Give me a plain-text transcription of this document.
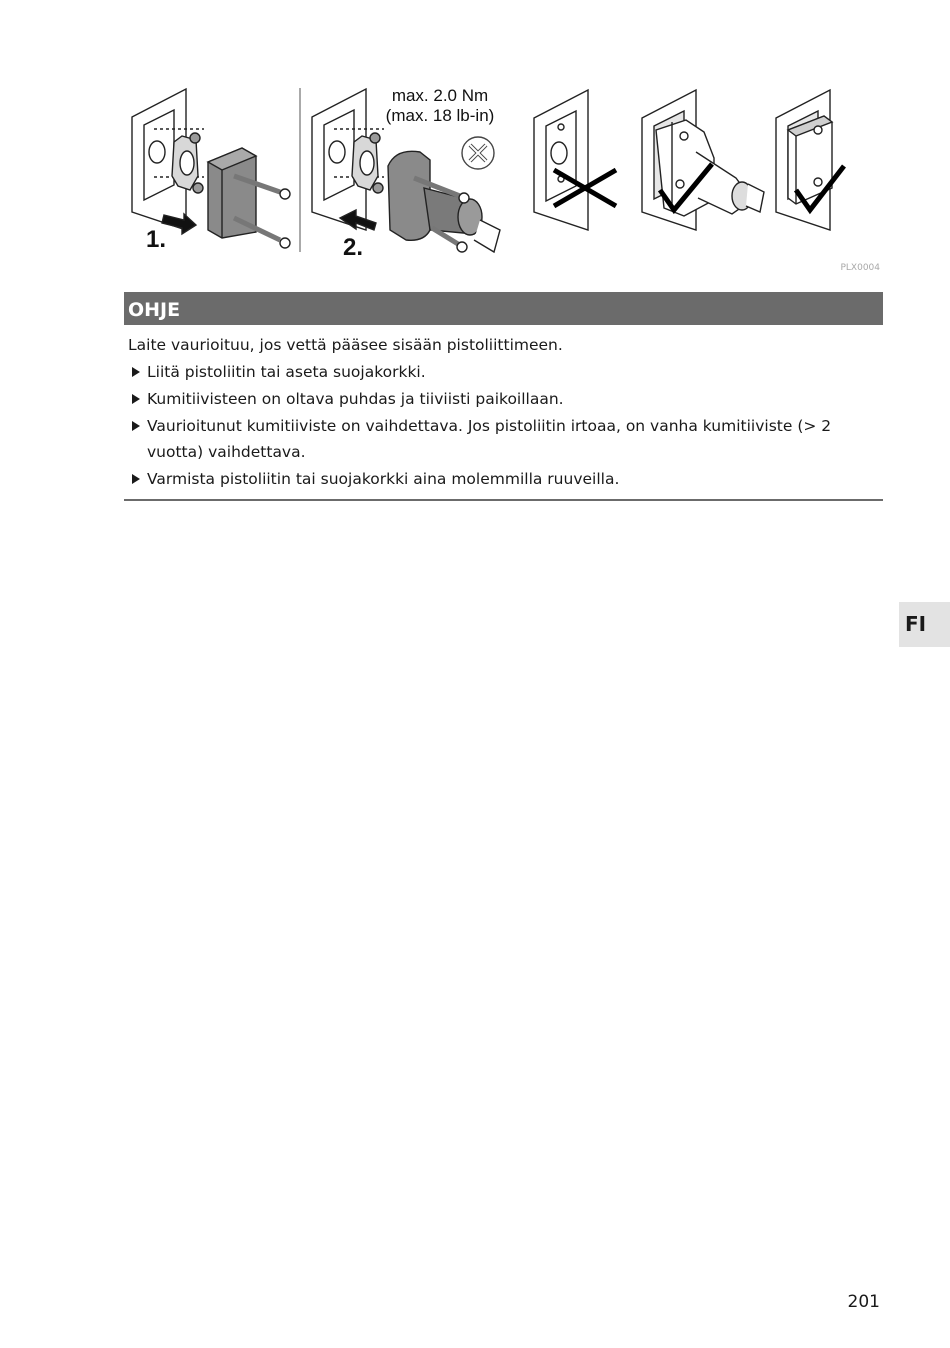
max. 2.0 Nm
(max. 18 lb-in)
1.	2.
PLX0004
OHJE

Laite vaurioituu, jos vettä pääsee sisään pistoliittimeen.

Liitä pistoliitin tai aseta suojakorkki.
Kumitiivisteen on oltava puhdas ja tiiviisti paikoillaan.
Vaurioitunut kumitiiviste on vaihdettava. Jos pistoliitin irtoaa, on vanha kumitiiviste (> 2 vuotta) vaihdettava.
Varmista pistoliitin tai suojakorkki aina molemmilla ruuveilla.
FI
201
